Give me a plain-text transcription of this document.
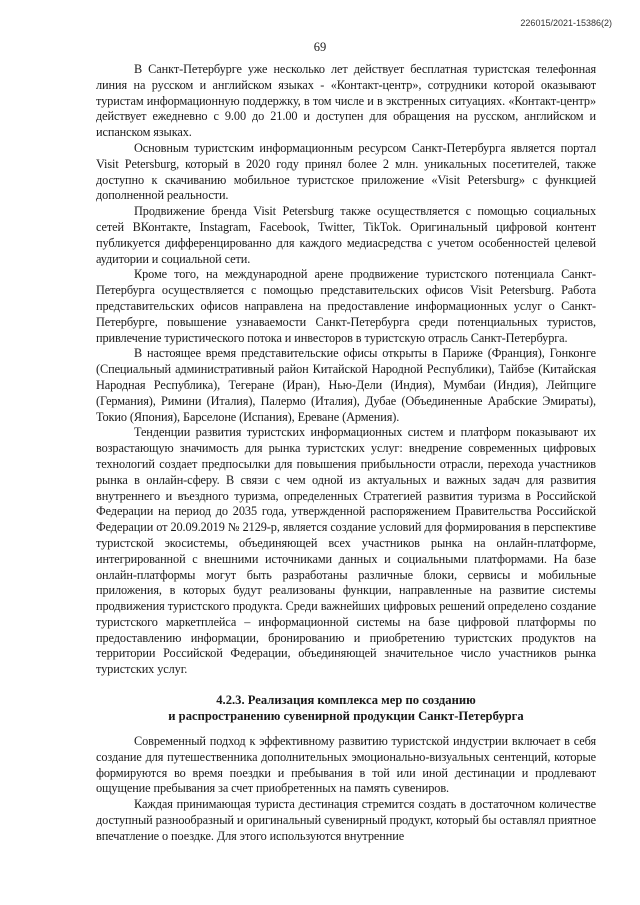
226015/2021-15386(2)
69

В Санкт-Петербурге уже несколько лет действует бесплатная туристская телефонная линия на русском и английском языках - «Контакт-центр», сотрудники которой оказывают туристам информационную поддержку, в том числе и в экстренных ситуациях. «Контакт-центр» действует ежедневно с 9.00 до 21.00 и доступен для обращения на русском, английском и испанском языках.

Основным туристским информационным ресурсом Санкт-Петербурга является портал Visit Petersburg, который в 2020 году принял более 2 млн. уникальных посетителей, также доступно к скачиванию мобильное туристское приложение «Visit Petersburg» с функцией дополненной реальности.

Продвижение бренда Visit Petersburg также осуществляется с помощью социальных сетей ВКонтакте, Instagram, Facebook, Twitter, TikTok. Оригинальный цифровой контент публикуется дифференцированно для каждого медиасредства с учетом особенностей целевой аудитории и социальной сети.

Кроме того, на международной арене продвижение туристского потенциала Санкт-Петербурга осуществляется с помощью представительских офисов Visit Petersburg. Работа представительских офисов направлена на предоставление информационных услуг о Санкт-Петербурге, повышение узнаваемости Санкт-Петербурга среди потенциальных туристов, привлечение туристического потока и инвесторов в туристскую отрасль Санкт-Петербурга.

В настоящее время представительские офисы открыты в Париже (Франция), Гонконге (Специальный административный район Китайской Народной Республики), Тайбэе (Китайская Народная Республика), Тегеране (Иран), Нью-Дели (Индия), Мумбаи (Индия), Лейпциге (Германия), Римини (Италия), Палермо (Италия), Дубае (Объединенные Арабские Эмираты), Токио (Япония), Барселоне (Испания), Ереване (Армения).

Тенденции развития туристских информационных систем и платформ показывают их возрастающую значимость для рынка туристских услуг: внедрение современных цифровых технологий создает предпосылки для повышения прибыльности отрасли, перехода участников рынка в онлайн-сферу. В связи с чем одной из актуальных и важных задач для развития внутреннего и въездного туризма, определенных Стратегией развития туризма в Российской Федерации на период до 2035 года, утвержденной распоряжением Правительства Российской Федерации от 20.09.2019 № 2129-р, является создание условий для формирования в перспективе туристской экосистемы, объединяющей всех участников рынка на онлайн-платформе, интегрированной с внешними источниками данных и социальными платформами. На базе онлайн-платформы могут быть разработаны различные блоки, сервисы и мобильные приложения, в которых будут реализованы функции, направленные на развитие системы продвижения туристского продукта. Среди важнейших цифровых решений определено создание туристского маркетплейса – информационной системы на базе цифровой платформы по предоставлению информации, бронированию и приобретению туристских продуктов на территории Российской Федерации, объединяющей значительное число участников рынка туристских услуг.

4.2.3. Реализация комплекса мер по созданию
и распространению сувенирной продукции Санкт-Петербурга

Современный подход к эффективному развитию туристской индустрии включает в себя создание для путешественника дополнительных эмоционально-визуальных сентенций, которые формируются во время поездки и пребывания в той или иной дестинации и продлевают ощущение пребывания за счет приобретенных на память сувениров.

Каждая принимающая туриста дестинация стремится создать в достаточном количестве доступный разнообразный и оригинальный сувенирный продукт, который бы оставлял приятное впечатление о поездке. Для этого используются внутренние
